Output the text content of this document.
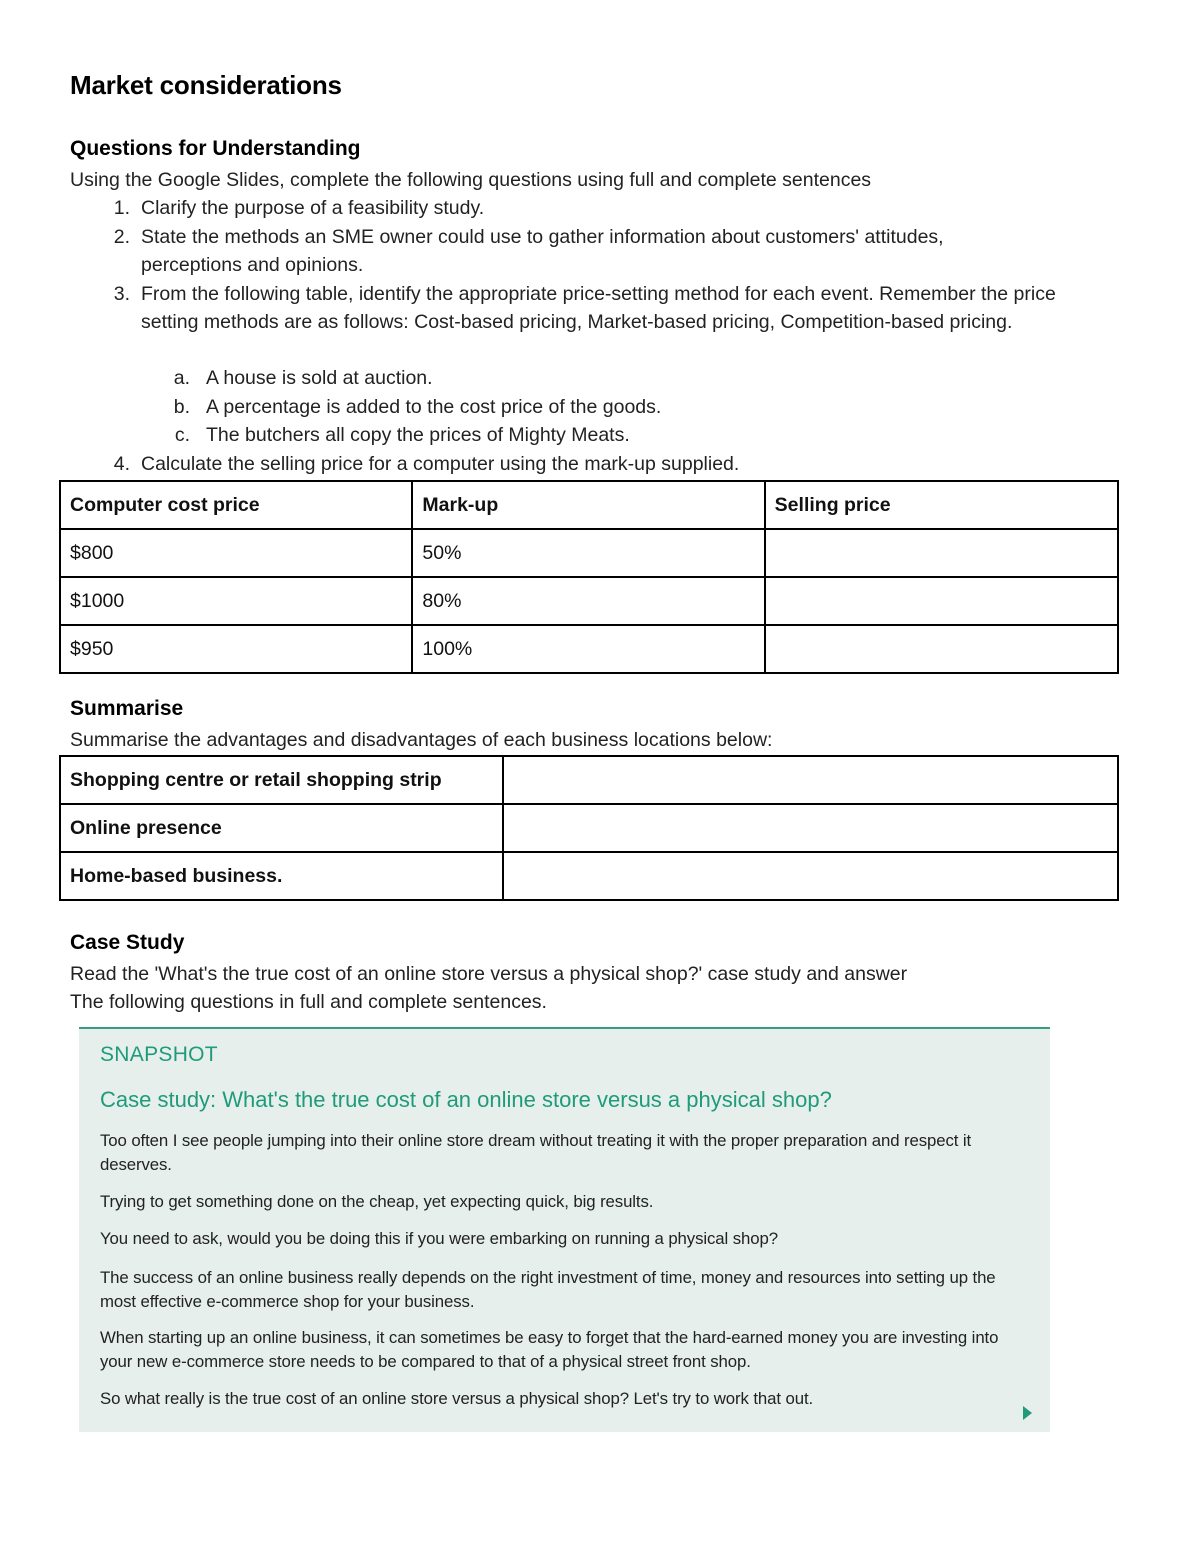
Market considerations
Questions for Understanding

Using the Google Slides, complete the following questions using full and complete sentences

1. Clarify the purpose of a feasibility study.
2. State the methods an SME owner could use to gather information about customers' attitudes, perceptions and opinions.
3. From the following table, identify the appropriate price-setting method for each event. Remember the price setting methods are as follows: Cost-based pricing, Market-based pricing, Competition-based pricing.
a. A house is sold at auction.
b. A percentage is added to the cost price of the goods.
c. The butchers all copy the prices of Mighty Meats.
4. Calculate the selling price for a computer using the mark-up supplied.
Computer cost price	Mark-up	Selling price
$800	50%	
$1000	80%	
$950	100%	
Summarise

Summarise the advantages and disadvantages of each business locations below:

Shopping centre or retail shopping strip	
Online presence	
Home-based business.	
Case Study

Read the 'What's the true cost of an online store versus a physical shop?' case study and answer

The following questions in full and complete sentences.

SNAPSHOT

Case study: What's the true cost of an online store versus a physical shop?

Too often I see people jumping into their online store dream without treating it with the proper preparation and respect it deserves.

Trying to get something done on the cheap, yet expecting quick, big results.

You need to ask, would you be doing this if you were embarking on running a physical shop?

The success of an online business really depends on the right investment of time, money and resources into setting up the most effective e-commerce shop for your business.

When starting up an online business, it can sometimes be easy to forget that the hard-earned money you are investing into your new e-commerce store needs to be compared to that of a physical street front shop.

So what really is the true cost of an online store versus a physical shop? Let's try to work that out.
